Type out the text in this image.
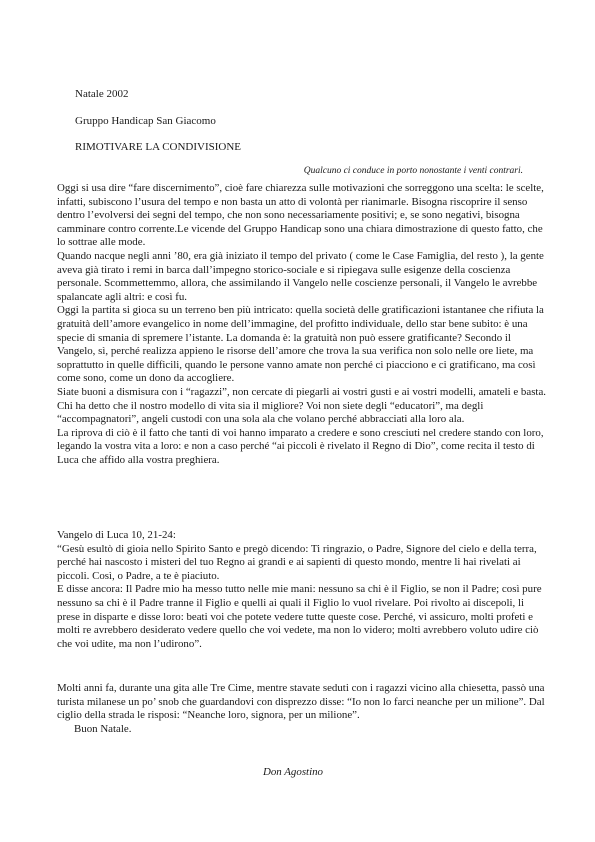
Natale 2002
Gruppo Handicap San Giacomo
RIMOTIVARE LA CONDIVISIONE
Qualcuno ci conduce in porto nonostante i venti contrari.

Oggi si usa dire “fare discernimento”, cioè fare chiarezza sulle motivazioni che sorreggono una scelta: le scelte, infatti, subiscono l’usura del tempo e non basta un atto di volontà per rianimarle. Bisogna riscoprire il senso dentro l’evolversi dei segni del tempo, che non sono necessariamente positivi; e, se sono negativi, bisogna camminare contro corrente.Le vicende del Gruppo Handicap sono una chiara dimostrazione di questo fatto, che lo sottrae alle mode.

Quando nacque negli anni ’80, era già iniziato il tempo del privato ( come le Case Famiglia, del resto ), la gente aveva già tirato i remi in barca dall’impegno storico-sociale e si ripiegava sulle esigenze della coscienza personale. Scommettemmo, allora, che assimilando il Vangelo nelle coscienze personali, il Vangelo le avrebbe spalancate agli altri: e così fu.

Oggi la partita si gioca su un terreno ben più intricato: quella società delle gratificazioni istantanee che rifiuta la gratuità dell’amore evangelico in nome dell’immagine, del profitto individuale, dello star bene subito: è una specie di smania di spremere l’istante. La domanda è: la gratuità non può essere gratificante? Secondo il Vangelo, sì, perché realizza appieno le risorse dell’amore che trova la sua verifica non solo nelle ore liete, ma soprattutto in quelle difficili, quando le persone vanno amate non perché ci piacciono e ci gratificano, ma così come sono, come un dono da accogliere.

Siate buoni a dismisura con i “ragazzi”, non cercate di piegarli ai vostri gusti e ai vostri modelli, amateli e basta. Chi ha detto che il nostro modello di vita sia il migliore? Voi non siete degli “educatori”, ma degli “accompagnatori”, angeli custodi con una sola ala che volano perché abbracciati alla loro ala.

La riprova di ciò è il fatto che tanti di voi hanno imparato a credere e sono cresciuti nel credere stando con loro, legando la vostra vita a loro: e non a caso perché “ai piccoli è rivelato il Regno di Dio”, come recita il testo di Luca che affido alla vostra preghiera.

Vangelo di Luca 10, 21-24:

“Gesù esultò di gioia nello Spirito Santo e pregò dicendo: Ti ringrazio, o Padre, Signore del cielo e della terra, perché hai nascosto i misteri del tuo Regno ai grandi e ai sapienti di questo mondo, mentre li hai rivelati ai piccoli. Così, o Padre, a te è piaciuto.

E disse ancora: Il Padre mio ha messo tutto nelle mie mani: nessuno sa chi è il Figlio, se non il Padre; così pure nessuno sa chi è il Padre tranne il Figlio e quelli ai quali il Figlio lo vuol rivelare. Poi rivolto ai discepoli, li prese in disparte e disse loro: beati voi che potete vedere tutte queste cose. Perché, vi assicuro, molti profeti e molti re avrebbero desiderato vedere quello che voi vedete, ma non lo videro; molti avrebbero voluto udire ciò che voi udite, ma non l’udirono”.

Molti anni fa, durante una gita alle Tre Cime, mentre stavate seduti con i ragazzi vicino alla chiesetta, passò una turista milanese un po’ snob che guardandovi con disprezzo disse: “Io non lo farci neanche per un milione”. Dal ciglio della strada le risposi: “Neanche loro, signora, per un milione”.

Buon Natale.

Don Agostino
